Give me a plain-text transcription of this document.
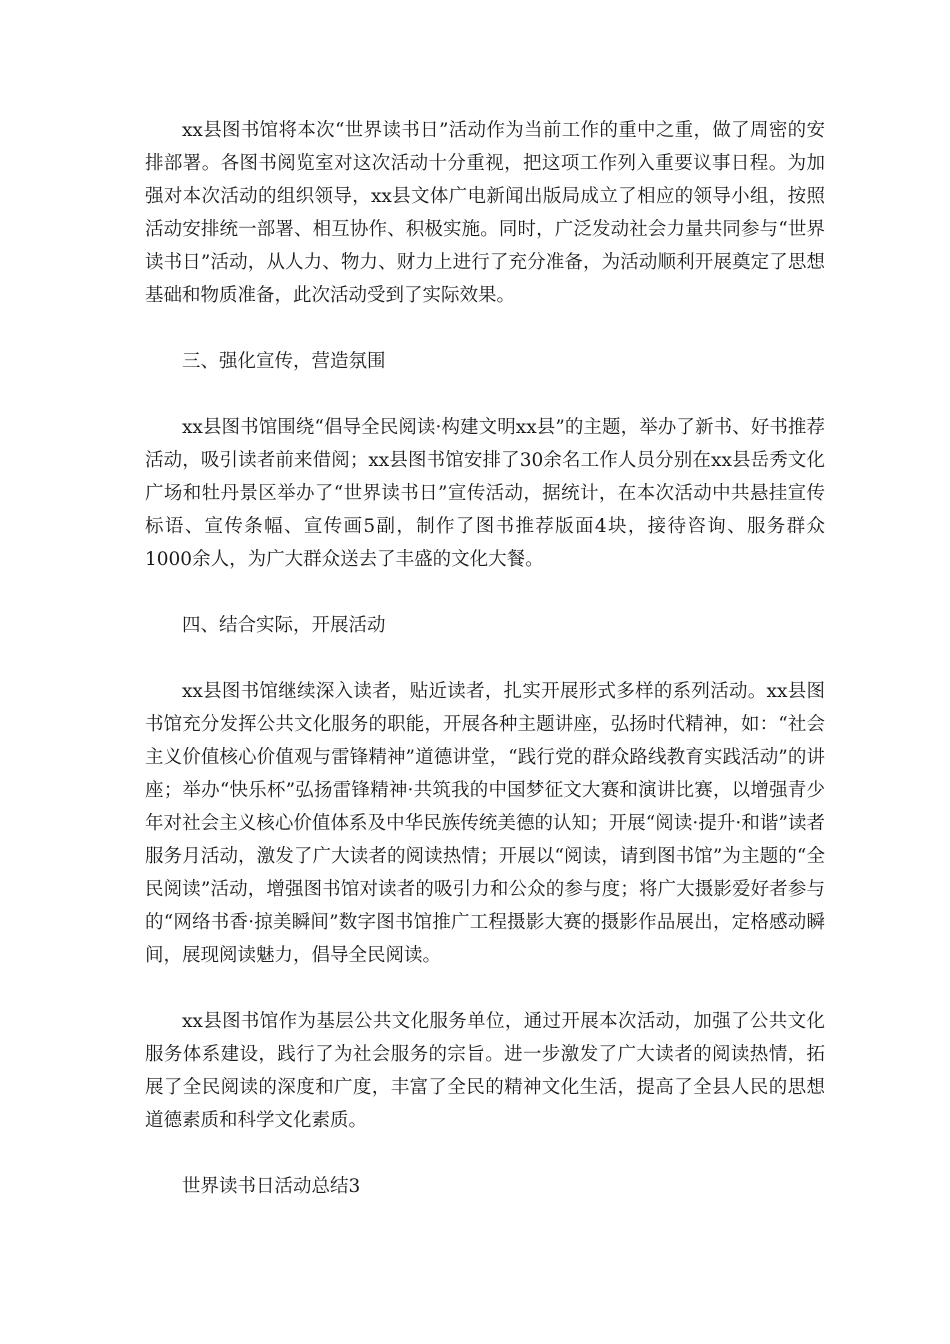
xx县图书馆将本次“世界读书日”活动作为当前工作的重中之重，做了周密的安排部署。各图书阅览室对这次活动十分重视，把这项工作列入重要议事日程。为加强对本次活动的组织领导，xx县文体广电新闻出版局成立了相应的领导小组，按照活动安排统一部署、相互协作、积极实施。同时，广泛发动社会力量共同参与“世界读书日”活动，从人力、物力、财力上进行了充分准备，为活动顺利开展奠定了思想基础和物质准备，此次活动受到了实际效果。

三、强化宣传，营造氛围

xx县图书馆围绕“倡导全民阅读·构建文明xx县”的主题，举办了新书、好书推荐活动，吸引读者前来借阅；xx县图书馆安排了30余名工作人员分别在xx县岳秀文化广场和牡丹景区举办了“世界读书日”宣传活动，据统计，在本次活动中共悬挂宣传标语、宣传条幅、宣传画5副，制作了图书推荐版面4块，接待咨询、服务群众1000余人，为广大群众送去了丰盛的文化大餐。

四、结合实际，开展活动

xx县图书馆继续深入读者，贴近读者，扎实开展形式多样的系列活动。xx县图书馆充分发挥公共文化服务的职能，开展各种主题讲座，弘扬时代精神，如：“社会主义价值核心价值观与雷锋精神”道德讲堂，“践行党的群众路线教育实践活动”的讲座；举办“快乐杯”弘扬雷锋精神·共筑我的中国梦征文大赛和演讲比赛，以增强青少年对社会主义核心价值体系及中华民族传统美德的认知；开展“阅读·提升·和谐”读者服务月活动，激发了广大读者的阅读热情；开展以“阅读，请到图书馆”为主题的“全民阅读”活动，增强图书馆对读者的吸引力和公众的参与度；将广大摄影爱好者参与的“网络书香·掠美瞬间”数字图书馆推广工程摄影大赛的摄影作品展出，定格感动瞬间，展现阅读魅力，倡导全民阅读。

xx县图书馆作为基层公共文化服务单位，通过开展本次活动，加强了公共文化服务体系建设，践行了为社会服务的宗旨。进一步激发了广大读者的阅读热情，拓展了全民阅读的深度和广度，丰富了全民的精神文化生活，提高了全县人民的思想道德素质和科学文化素质。

世界读书日活动总结3
